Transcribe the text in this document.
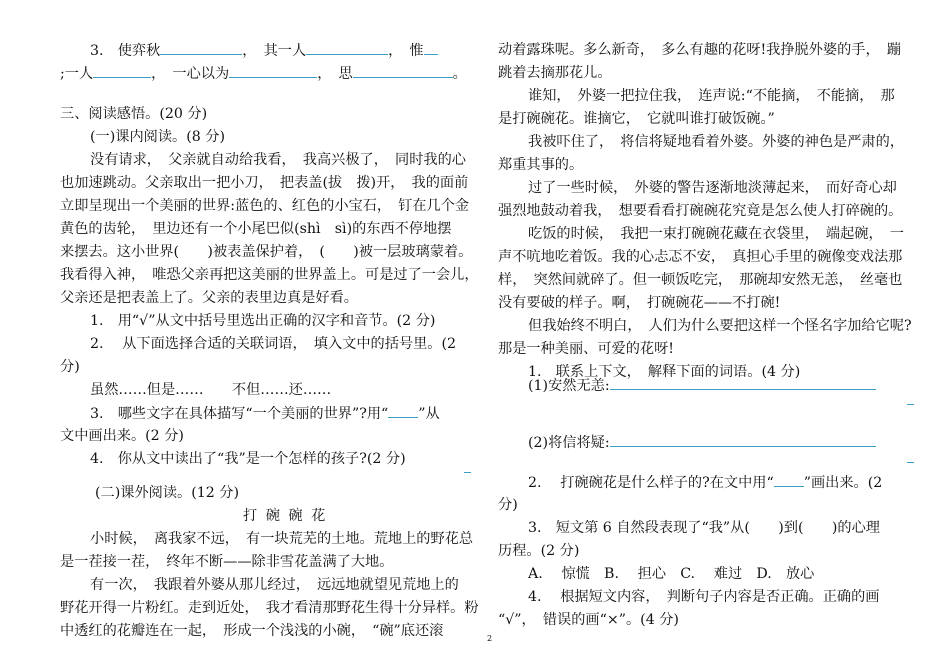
3.　使弈秋	，　其一人	，　惟
;一人	，　一心以为	，　思	。
三、阅读感悟。(20 分)
(一)课内阅读。(8 分)
没有请求，　父亲就自动给我看，　我高兴极了，　同时我的心
也加速跳动。父亲取出一把小刀，　把表盖(拔　拨)开，　我的面前
立即呈现出一个美丽的世界:蓝色的、红色的小宝石，　钉在几个金
黄色的齿轮，　里边还有一个小尾巴似(shì　sì)的东西不停地摆
来摆去。这小世界(　　)被表盖保护着，　(　　)被一层玻璃蒙着。
我看得入神，　唯恐父亲再把这美丽的世界盖上。可是过了一会儿，
父亲还是把表盖上了。父亲的表里边真是好看。
1.　用“√”从文中括号里选出正确的汉字和音节。(2 分)
2.　 从下面选择合适的关联词语，　填入文中的括号里。(2
分)
虽然……但是……　　不但……还……
3.　哪些文字在具体描写“一个美丽的世界”?用“ ”从
文中画出来。(2 分)
4.　你从文中读出了“我”是一个怎样的孩子?(2 分)
(二)课外阅读。(12 分)
打 碗 碗 花
小时候，　离我家不远，　有一块荒芜的土地。荒地上的野花总
是一茬接一茬，　终年不断——除非雪花盖满了大地。
有一次，　我跟着外婆从那儿经过，　远远地就望见荒地上的
野花开得一片粉红。走到近处，　我才看清那野花生得十分异样。粉
中透红的花瓣连在一起，　形成一个浅浅的小碗，　“碗”底还滚
动着露珠呢。多么新奇，　多么有趣的花呀!我挣脱外婆的手，　蹦
跳着去摘那花儿。
谁知，　外婆一把拉住我，　连声说:“不能摘，　不能摘，　那
是打碗碗花。谁摘它，　它就叫谁打破饭碗。”
我被吓住了，　将信将疑地看着外婆。外婆的神色是严肃的，
郑重其事的。
过了一些时候，　外婆的警告逐渐地淡薄起来，　而好奇心却
强烈地鼓动着我，　想要看看打碗碗花究竟是怎么使人打碎碗的。
吃饭的时候，　我把一束打碗碗花藏在衣袋里，　端起碗，　一
声不吭地吃着饭。我的心忐忑不安，　真担心手里的碗像变戏法那
样，　突然间就碎了。但一顿饭吃完，　那碗却安然无恙，　丝毫也
没有要破的样子。啊，　打碗碗花——不打碗!
但我始终不明白，　人们为什么要把这样一个怪名字加给它呢?
那是一种美丽、可爱的花呀!
1.　联系上下文，　解释下面的词语。(4 分)
(1)安然无恙:
(2)将信将疑:
2.　 打碗碗花是什么样子的?在文中用“ ”画出来。(2
分)
3.　短文第 6 自然段表现了“我”从(　　)到(　　)的心理
历程。(2 分)
A.　 惊慌　B.　 担心　C.　 难过　D.　放心
4.　 根据短文内容，　判断句子内容是否正确。正确的画
“√”，　错误的画“×”。(4 分)
2
